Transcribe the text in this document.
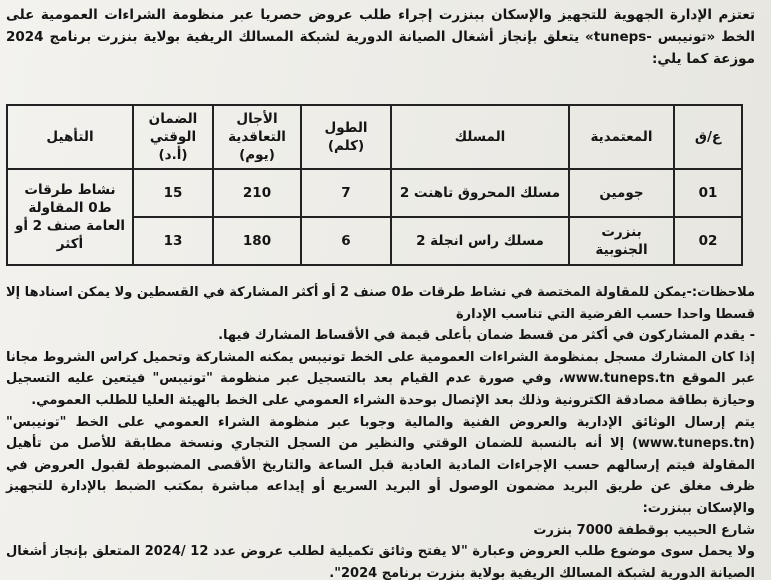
تعتزم الإدارة الجهوية للتجهيز والإسكان ببنزرت إجراء طلب عروض حصريا عبر منظومة الشراءات العمومية على الخط «تونيبس -tuneps» يتعلق بإنجاز أشغال الصيانة الدورية لشبكة المسالك الريفية بولاية بنزرت برنامج 2024 موزعة كما يلي:
ع/ق	المعتمدية	المسلك	الطول (كلم)	الأجال التعاقدية (يوم)	الضمان الوقتي (أ.د)	التأهيل
01	جومين	مسلك المحروق تاهنت 2	7	210	15	نشاط طرقات ط0 المقاولة العامة صنف 2 أو أكثر
02	بنزرت الجنوبية	مسلك راس انجلة 2	6	180	13	

ملاحظات:-يمكن للمقاولة المختصة في نشاط طرقات ط0 صنف 2 أو أكثر المشاركة في القسطين ولا يمكن اسنادها إلا قسطا واحدا حسب الفرضية التي تناسب الإدارة

- يقدم المشاركون في أكثر من قسط ضمان بأعلى قيمة في الأقساط المشارك فيها.

إذا كان المشارك مسجل بمنظومة الشراءات العمومية على الخط تونيبس يمكنه المشاركة وتحميل كراس الشروط مجانا عبر الموقع www.tuneps.tn، وفي صورة عدم القيام بعد بالتسجيل عبر منظومة "تونيبس" فيتعين عليه التسجيل وحيازة بطاقة مصادقة الكترونية وذلك بعد الإتصال بوحدة الشراء العمومي على الخط بالهيئة العليا للطلب العمومي.

يتم إرسال الوثائق الإدارية والعروض الفنية والمالية وجوبا عبر منظومة الشراء العمومي على الخط "تونيبس" (www.tuneps.tn) إلا أنه بالنسبة للضمان الوقتي والنظير من السجل التجاري ونسخة مطابقة للأصل من تأهيل المقاولة فيتم إرسالهم حسب الإجراءات المادية العادية قبل الساعة والتاريخ الأقصى المضبوطة لقبول العروض في ظرف مغلق عن طريق البريد مضمون الوصول أو البريد السريع أو إيداعه مباشرة بمكتب الضبط بالإدارة للتجهيز والإسكان ببنزرت:

شارع الحبيب بوقطفة 7000 بنزرت

ولا يحمل سوى موضوع طلب العروض وعبارة "لا يفتح وثائق تكميلية لطلب عروض عدد 12 /2024 المتعلق بإنجاز أشغال الصيانة الدورية لشبكة المسالك الريفية بولاية بنزرت برنامج 2024".
